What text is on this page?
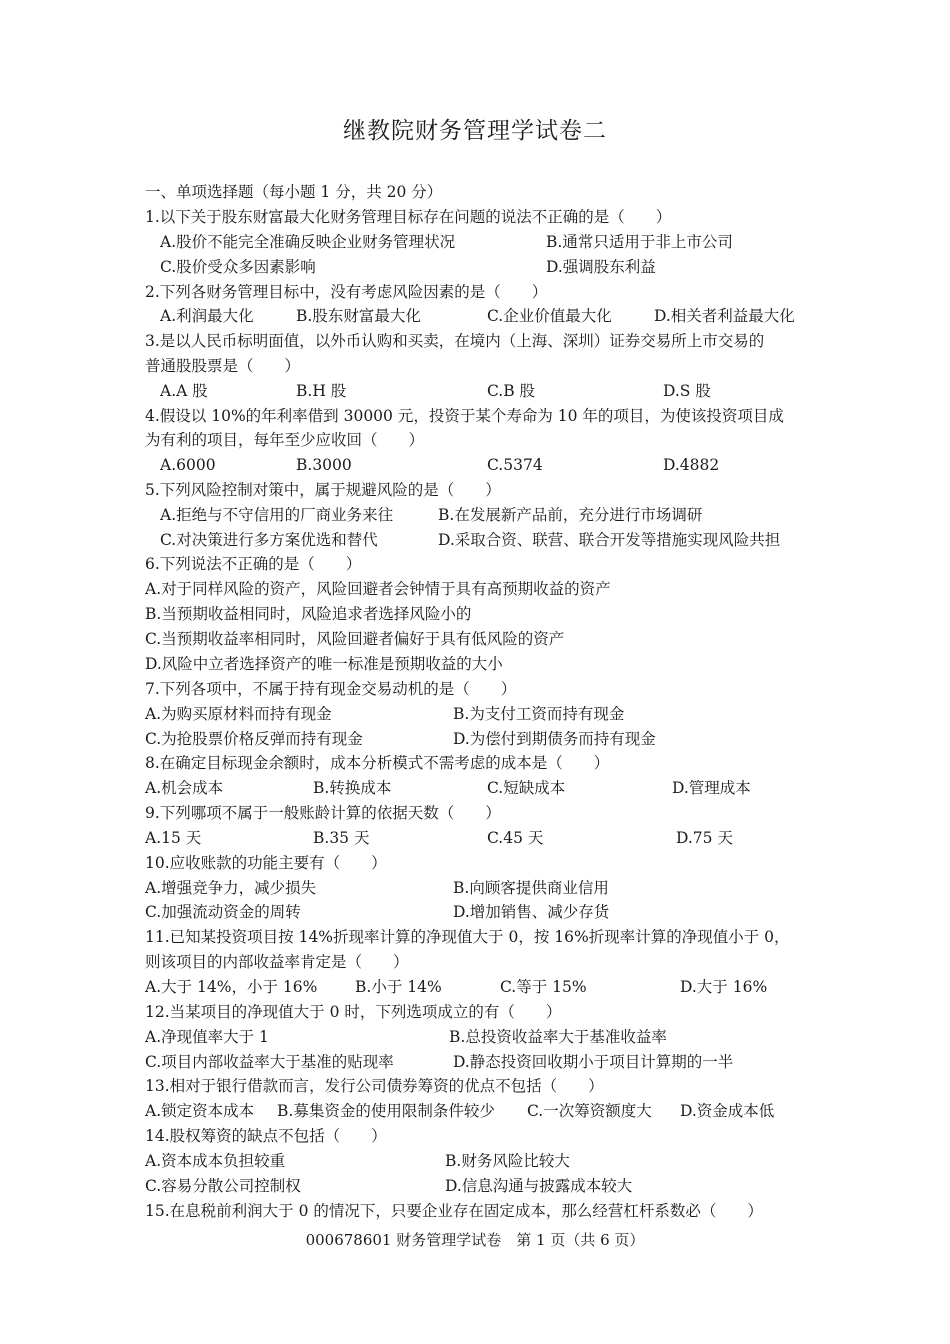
继教院财务管理学试卷二
一、单项选择题（每小题 1 分，共 20 分）
1.以下关于股东财富最大化财务管理目标存在问题的说法不正确的是（　　）
A.股价不能完全准确反映企业财务管理状况	B.通常只适用于非上市公司
C.股价受众多因素影响	D.强调股东利益
2.下列各财务管理目标中，没有考虑风险因素的是（　　）
A.利润最大化	B.股东财富最大化	C.企业价值最大化	D.相关者利益最大化
3.是以人民币标明面值，以外币认购和买卖，在境内（上海、深圳）证券交易所上市交易的
普通股股票是（　　）
A.A 股	B.H 股	C.B 股	D.S 股
4.假设以 10%的年利率借到 30000 元，投资于某个寿命为 10 年的项目，为使该投资项目成
为有利的项目，每年至少应收回（　　）
A.6000	B.3000	C.5374	D.4882
5.下列风险控制对策中，属于规避风险的是（　　）
A.拒绝与不守信用的厂商业务来往	B.在发展新产品前，充分进行市场调研
C.对决策进行多方案优选和替代	D.采取合资、联营、联合开发等措施实现风险共担
6.下列说法不正确的是（　　）
A.对于同样风险的资产，风险回避者会钟情于具有高预期收益的资产
B.当预期收益相同时，风险追求者选择风险小的
C.当预期收益率相同时，风险回避者偏好于具有低风险的资产
D.风险中立者选择资产的唯一标准是预期收益的大小
7.下列各项中，不属于持有现金交易动机的是（　　）
A.为购买原材料而持有现金	B.为支付工资而持有现金
C.为抢股票价格反弹而持有现金	D.为偿付到期债务而持有现金
8.在确定目标现金余额时，成本分析模式不需考虑的成本是（　　）
A.机会成本	B.转换成本	C.短缺成本	D.管理成本
9.下列哪项不属于一般账龄计算的依据天数（　　）
A.15 天	B.35 天	C.45 天	D.75 天
10.应收账款的功能主要有（　　）
A.增强竞争力，减少损失	B.向顾客提供商业信用
C.加强流动资金的周转	D.增加销售、减少存货
11.已知某投资项目按 14%折现率计算的净现值大于 0，按 16%折现率计算的净现值小于 0，
则该项目的内部收益率肯定是（　　）
A.大于 14%，小于 16% B.小于 14%	C.等于 15%	D.大于 16%
12.当某项目的净现值大于 0 时，下列选项成立的有（　　）
A.净现值率大于 1	B.总投资收益率大于基准收益率
C.项目内部收益率大于基准的贴现率	D.静态投资回收期小于项目计算期的一半
13.相对于银行借款而言，发行公司债券筹资的优点不包括（　　）
A.锁定资本成本 B.募集资金的使用限制条件较少 C.一次筹资额度大 D.资金成本低
14.股权筹资的缺点不包括（　　）
A.资本成本负担较重	B.财务风险比较大
C.容易分散公司控制权	D.信息沟通与披露成本较大
15.在息税前利润大于 0 的情况下，只要企业存在固定成本，那么经营杠杆系数必（　　）
000678601 财务管理学试卷　第 1 页（共 6 页）
